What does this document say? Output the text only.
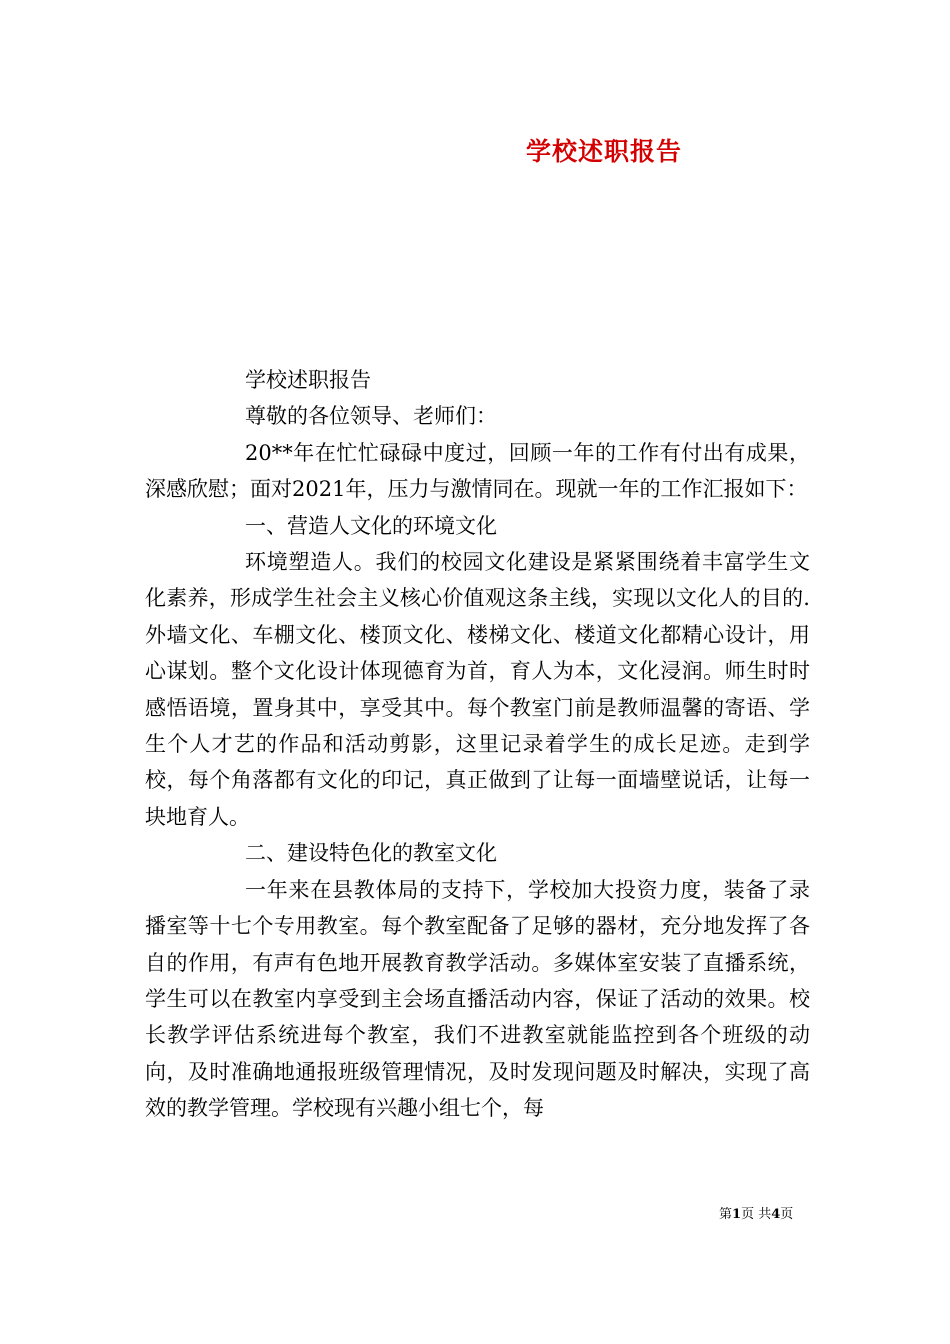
学校述职报告

学校述职报告

尊敬的各位领导、老师们：

20**年在忙忙碌碌中度过，回顾一年的工作有付出有成果，深感欣慰；面对2021年，压力与激情同在。现就一年的工作汇报如下：

一、营造人文化的环境文化

环境塑造人。我们的校园文化建设是紧紧围绕着丰富学生文化素养，形成学生社会主义核心价值观这条主线，实现以文化人的目的.外墙文化、车棚文化、楼顶文化、楼梯文化、楼道文化都精心设计，用心谋划。整个文化设计体现德育为首，育人为本，文化浸润。师生时时感悟语境，置身其中，享受其中。每个教室门前是教师温馨的寄语、学生个人才艺的作品和活动剪影，这里记录着学生的成长足迹。走到学校，每个角落都有文化的印记，真正做到了让每一面墙壁说话，让每一块地育人。

二、建设特色化的教室文化

一年来在县教体局的支持下，学校加大投资力度，装备了录播室等十七个专用教室。每个教室配备了足够的器材，充分地发挥了各自的作用，有声有色地开展教育教学活动。多媒体室安装了直播系统，学生可以在教室内享受到主会场直播活动内容，保证了活动的效果。校长教学评估系统进每个教室，我们不进教室就能监控到各个班级的动向，及时准确地通报班级管理情况，及时发现问题及时解决，实现了高效的教学管理。学校现有兴趣小组七个，每

第1页 共4页
